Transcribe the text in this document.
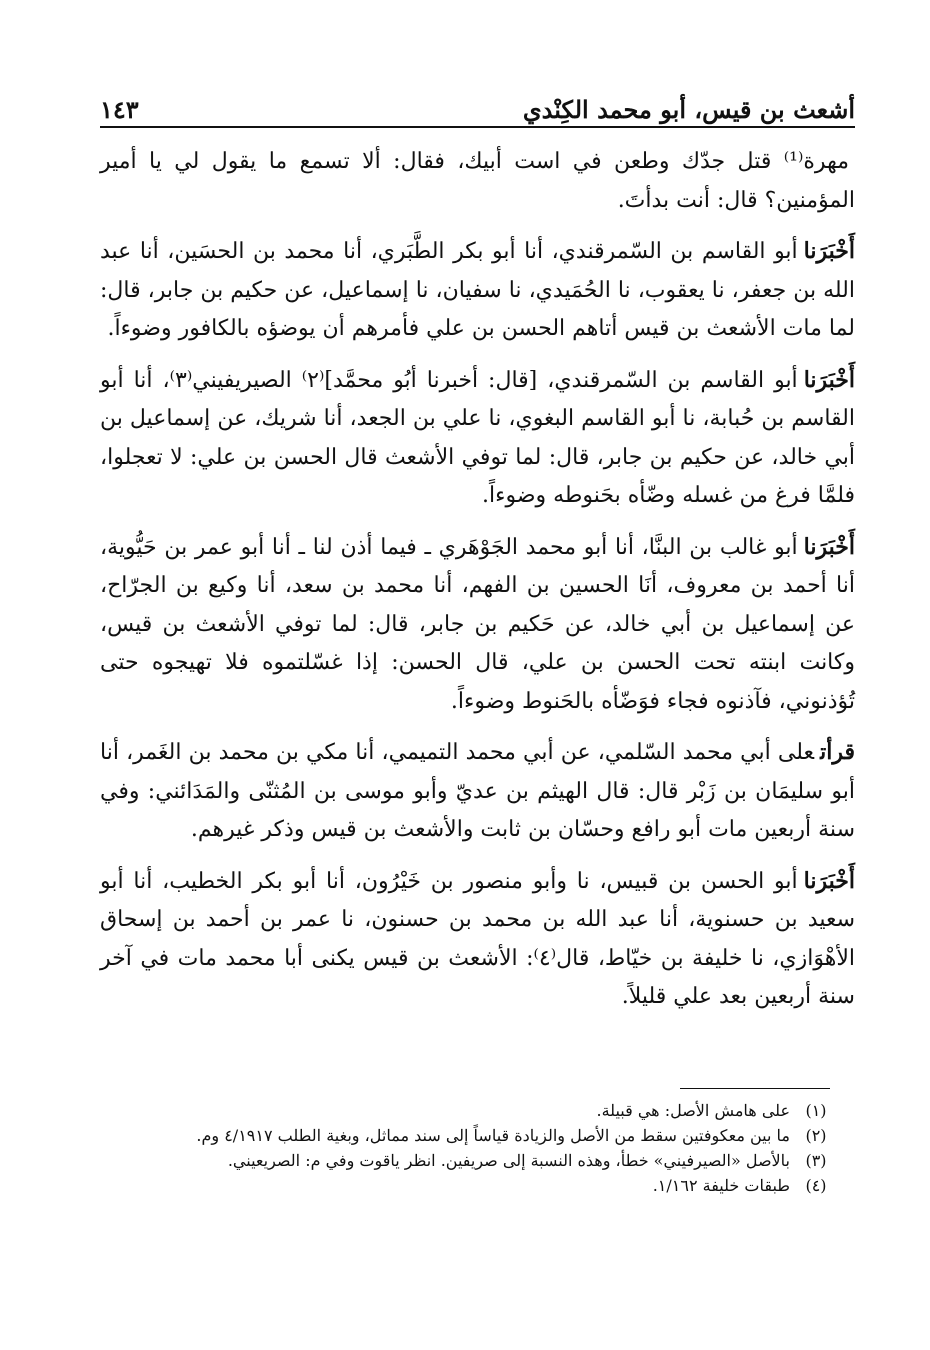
أشعث بن قيس، أبو محمد الكِنْدي
١٤٣

مهرة⁽¹⁾ قتل جدّك وطعن في است أبيك، فقال: ألا تسمع ما يقول لي يا أمير المؤمنين؟ قال: أنت بدأتَ.

أَخْبَرَناأبو القاسم بن السّمرقندي، أنا أبو بكر الطَّبَري، أنا محمد بن الحسَين، أنا عبد الله بن جعفر، نا يعقوب، نا الحُمَيدي، نا سفيان، نا إسماعيل، عن حكيم بن جابر، قال: لما مات الأشعث بن قيس أتاهم الحسن بن علي فأمرهم أن يوضؤه بالكافور وضوءاً.

أَخْبَرَناأبو القاسم بن السّمرقندي، [قال: أخبرنا أبُو محمَّد]⁽٢⁾ الصيريفيني⁽٣⁾، أنا أبو القاسم بن حُبابة، نا أبو القاسم البغوي، نا علي بن الجعد، أنا شريك، عن إسماعيل بن أبي خالد، عن حكيم بن جابر، قال: لما توفي الأشعث قال الحسن بن علي: لا تعجلوا، فلمَّا فرغ من غسله وضّأه بحَنوطه وضوءاً.

أَخْبَرَناأبو غالب بن البنَّا، أنا أبو محمد الجَوْهَري ـ فيما أذن لنا ـ أنا أبو عمر بن حَيُّوية، أنا أحمد بن معروف، أنَا الحسين بن الفهم، أنا محمد بن سعد، أنا وكيع بن الجرّاح، عن إسماعيل بن أبي خالد، عن حَكيم بن جابر، قال: لما توفي الأشعث بن قيس، وكانت ابنته تحت الحسن بن علي، قال الحسن: إذا غسّلتموه فلا تهيجوه حتى تُؤذنوني، فآذنوه فجاء فوَضّأه بالحَنوط وضوءاً.

قرأتعلى أبي محمد السّلمي، عن أبي محمد التميمي، أنا مكي بن محمد بن الغَمر، أنا أبو سليمَان بن زَبْر قال: قال الهيثم بن عديّ وأبو موسى بن المُثنّى والمَدَائني: وفي سنة أربعين مات أبو رافع وحسّان بن ثابت والأشعث بن قيس وذكر غيرهم.

أَخْبَرَناأبو الحسن بن قبيس، نا وأبو منصور بن خَيْرُون، أنا أبو بكر الخطيب، أنا أبو سعيد بن حسنوية، أنا عبد الله بن محمد بن حسنون، نا عمر بن أحمد بن إسحاق الأهْوَازي، نا خليفة بن خيّاط، قال⁽٤⁾: الأشعث بن قيس يكنى أبا محمد مات في آخر سنة أربعين بعد علي قليلاً.

(١)
على هامش الأصل: هي قبيلة.
(٢)
ما بين معكوفتين سقط من الأصل والزيادة قياساً إلى سند مماثل، وبغية الطلب ٤/١٩١٧ وم.
(٣)
بالأصل «الصيرفيني» خطأ، وهذه النسبة إلى صريفين. انظر ياقوت وفي م: الصريعيني.
(٤)
طبقات خليفة ١/١٦٢.
